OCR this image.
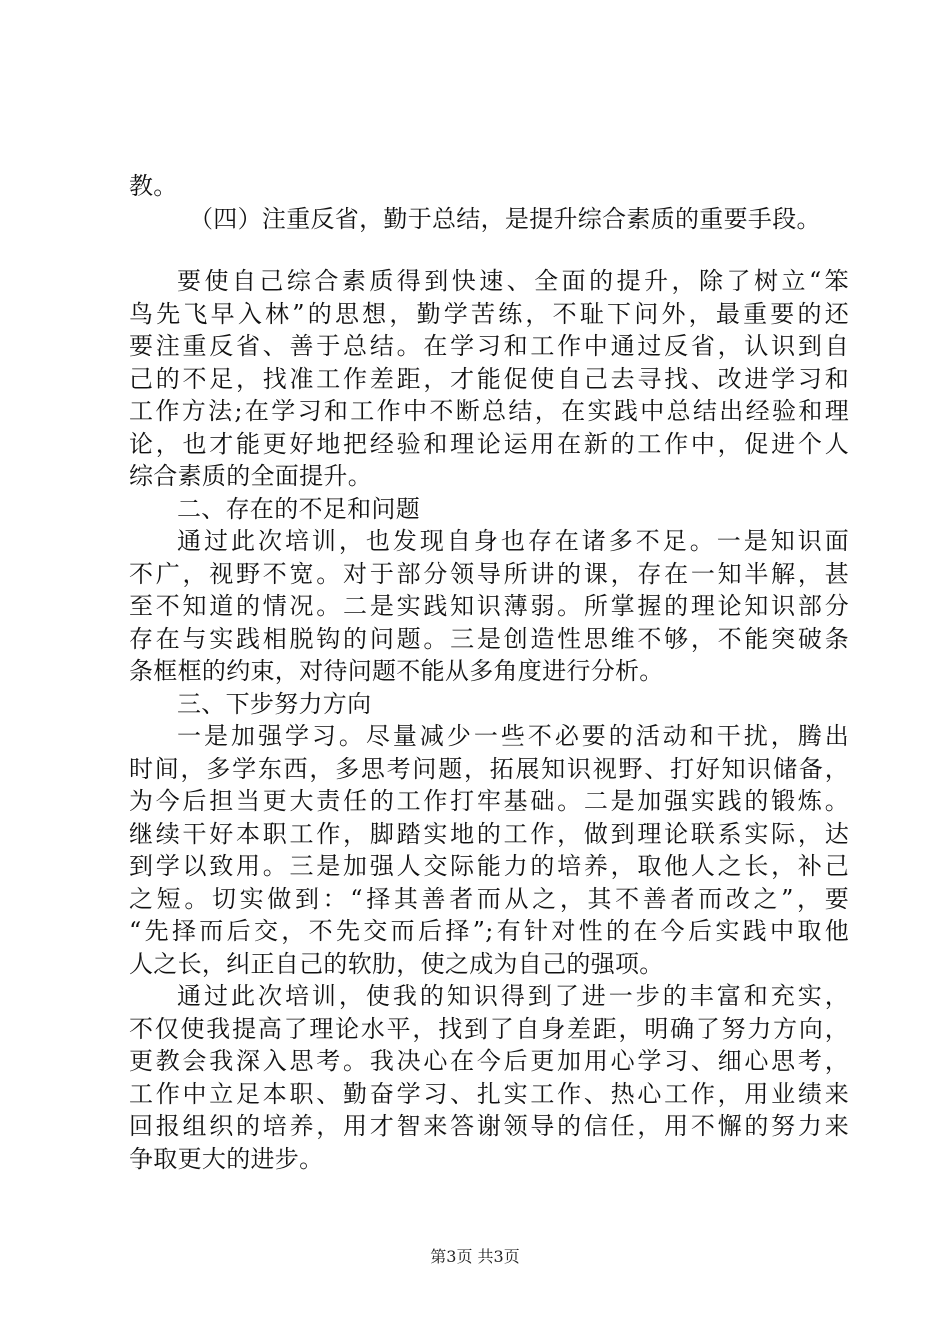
教。
（四）注重反省，勤于总结，是提升综合素质的重要手段。
要使自己综合素质得到快速、全面的提升，除了树立“笨
鸟先飞早入林”的思想，勤学苦练，不耻下问外，最重要的还
要注重反省、善于总结。在学习和工作中通过反省，认识到自
己的不足，找准工作差距，才能促使自己去寻找、改进学习和
工作方法;在学习和工作中不断总结，在实践中总结出经验和理
论，也才能更好地把经验和理论运用在新的工作中，促进个人
综合素质的全面提升。
二、存在的不足和问题
通过此次培训，也发现自身也存在诸多不足。一是知识面
不广，视野不宽。对于部分领导所讲的课，存在一知半解，甚
至不知道的情况。二是实践知识薄弱。所掌握的理论知识部分
存在与实践相脱钩的问题。三是创造性思维不够，不能突破条
条框框的约束，对待问题不能从多角度进行分析。
三、下步努力方向
一是加强学习。尽量减少一些不必要的活动和干扰，腾出
时间，多学东西，多思考问题，拓展知识视野、打好知识储备，
为今后担当更大责任的工作打牢基础。二是加强实践的锻炼。
继续干好本职工作，脚踏实地的工作，做到理论联系实际，达
到学以致用。三是加强人交际能力的培养，取他人之长，补己
之短。切实做到：“择其善者而从之，其不善者而改之”，要
“先择而后交，不先交而后择”;有针对性的在今后实践中取他
人之长，纠正自己的软肋，使之成为自己的强项。
通过此次培训，使我的知识得到了进一步的丰富和充实，
不仅使我提高了理论水平，找到了自身差距，明确了努力方向，
更教会我深入思考。我决心在今后更加用心学习、细心思考，
工作中立足本职、勤奋学习、扎实工作、热心工作，用业绩来
回报组织的培养，用才智来答谢领导的信任，用不懈的努力来
争取更大的进步。
第3页 共3页
